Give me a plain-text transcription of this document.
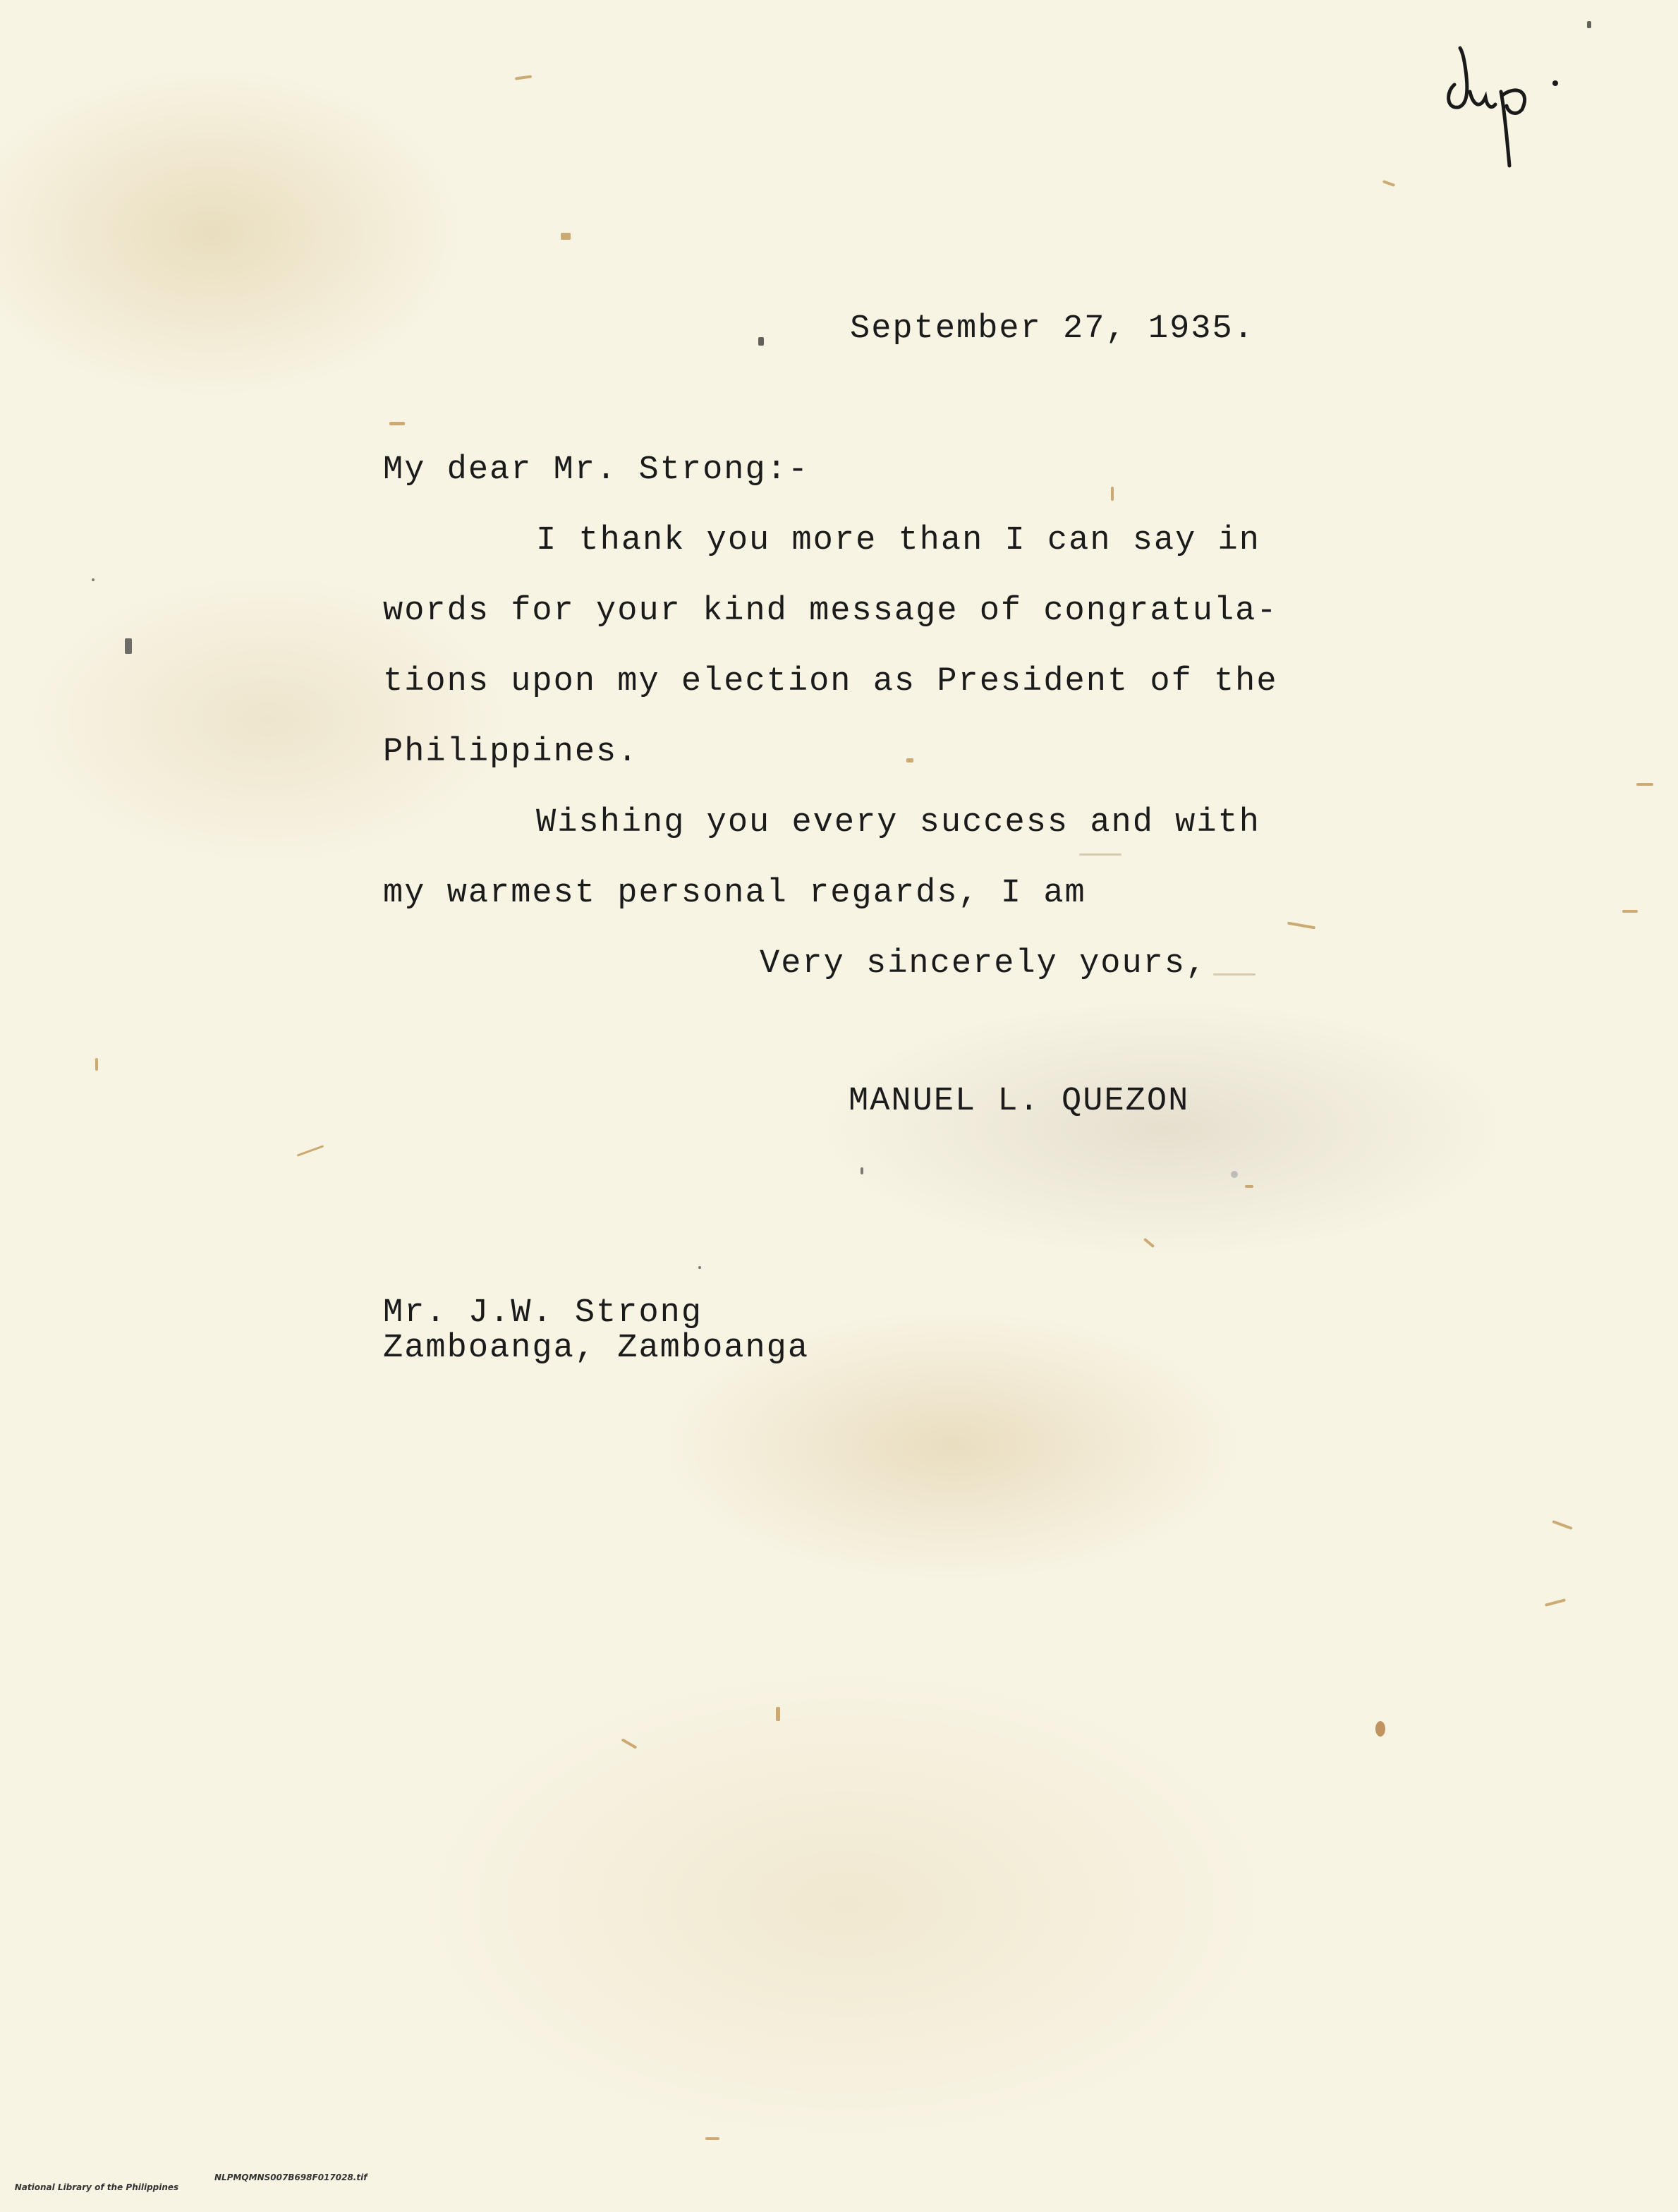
September 27, 1935.
My dear Mr. Strong:-
I thank you more than I can say in
words for your kind message of congratula-
tions upon my election as President of the
Philippines.
Wishing you every success and with
my warmest personal regards, I am
Very sincerely yours,
MANUEL L. QUEZON
Mr. J.W. Strong
Zamboanga, Zamboanga

National Library of the Philippines

NLPMQMNS007B698F017028.tif
